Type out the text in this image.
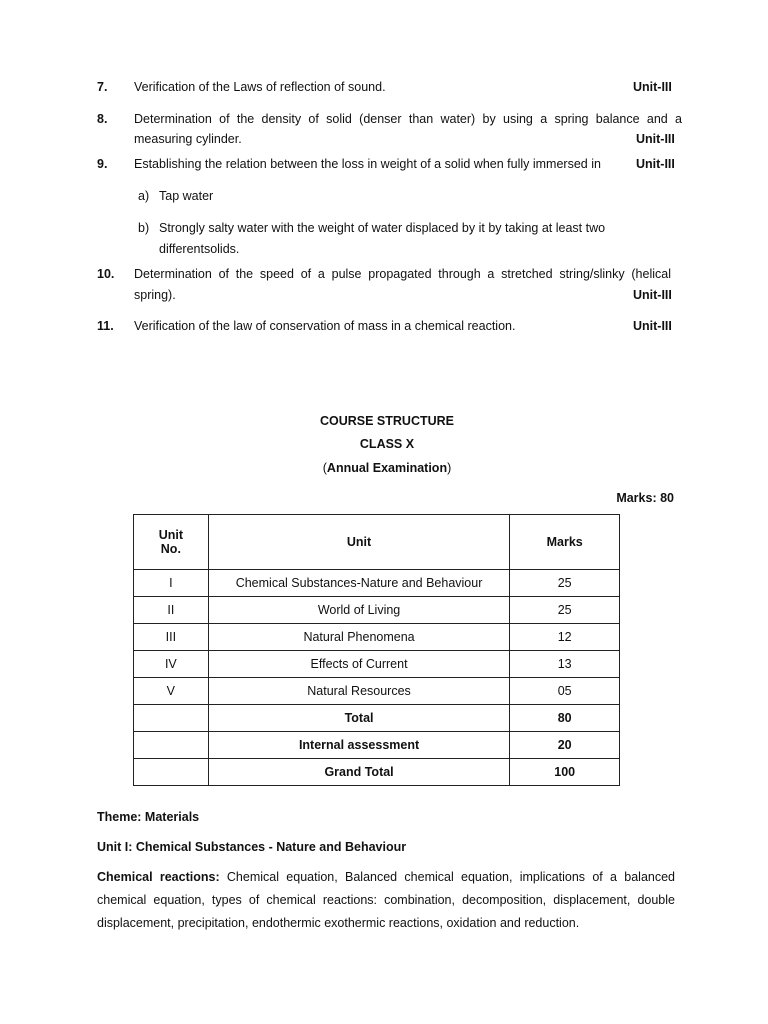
7. Verification of the Laws of reflection of sound.	Unit-III
8. Determination of the density of solid (denser than water) by using a spring balance and a
measuring cylinder.	Unit-III
9. Establishing the relation between the loss in weight of a solid when fully immersed in	Unit-III
a) Tap water
b) Strongly salty water with the weight of water displaced by it by taking at least two
differentsolids.
10. Determination of the speed of a pulse propagated through a stretched string/slinky (helical
spring).	Unit-III
11. Verification of the law of conservation of mass in a chemical reaction.	Unit-III
COURSE STRUCTURE
CLASS X
(Annual Examination)
Marks: 80
Unit
No.	Unit	Marks
I	Chemical Substances-Nature and Behaviour	25
II	World of Living	25
III	Natural Phenomena	12
IV	Effects of Current	13
V	Natural Resources	05
	Total	80
	Internal assessment	20
	Grand Total	100
Theme: Materials
Unit I: Chemical Substances - Nature and Behaviour
Chemical reactions: Chemical equation, Balanced chemical equation, implications of a balanced chemical equation, types of chemical reactions: combination, decomposition, displacement, double displacement, precipitation, endothermic exothermic reactions, oxidation and reduction.
